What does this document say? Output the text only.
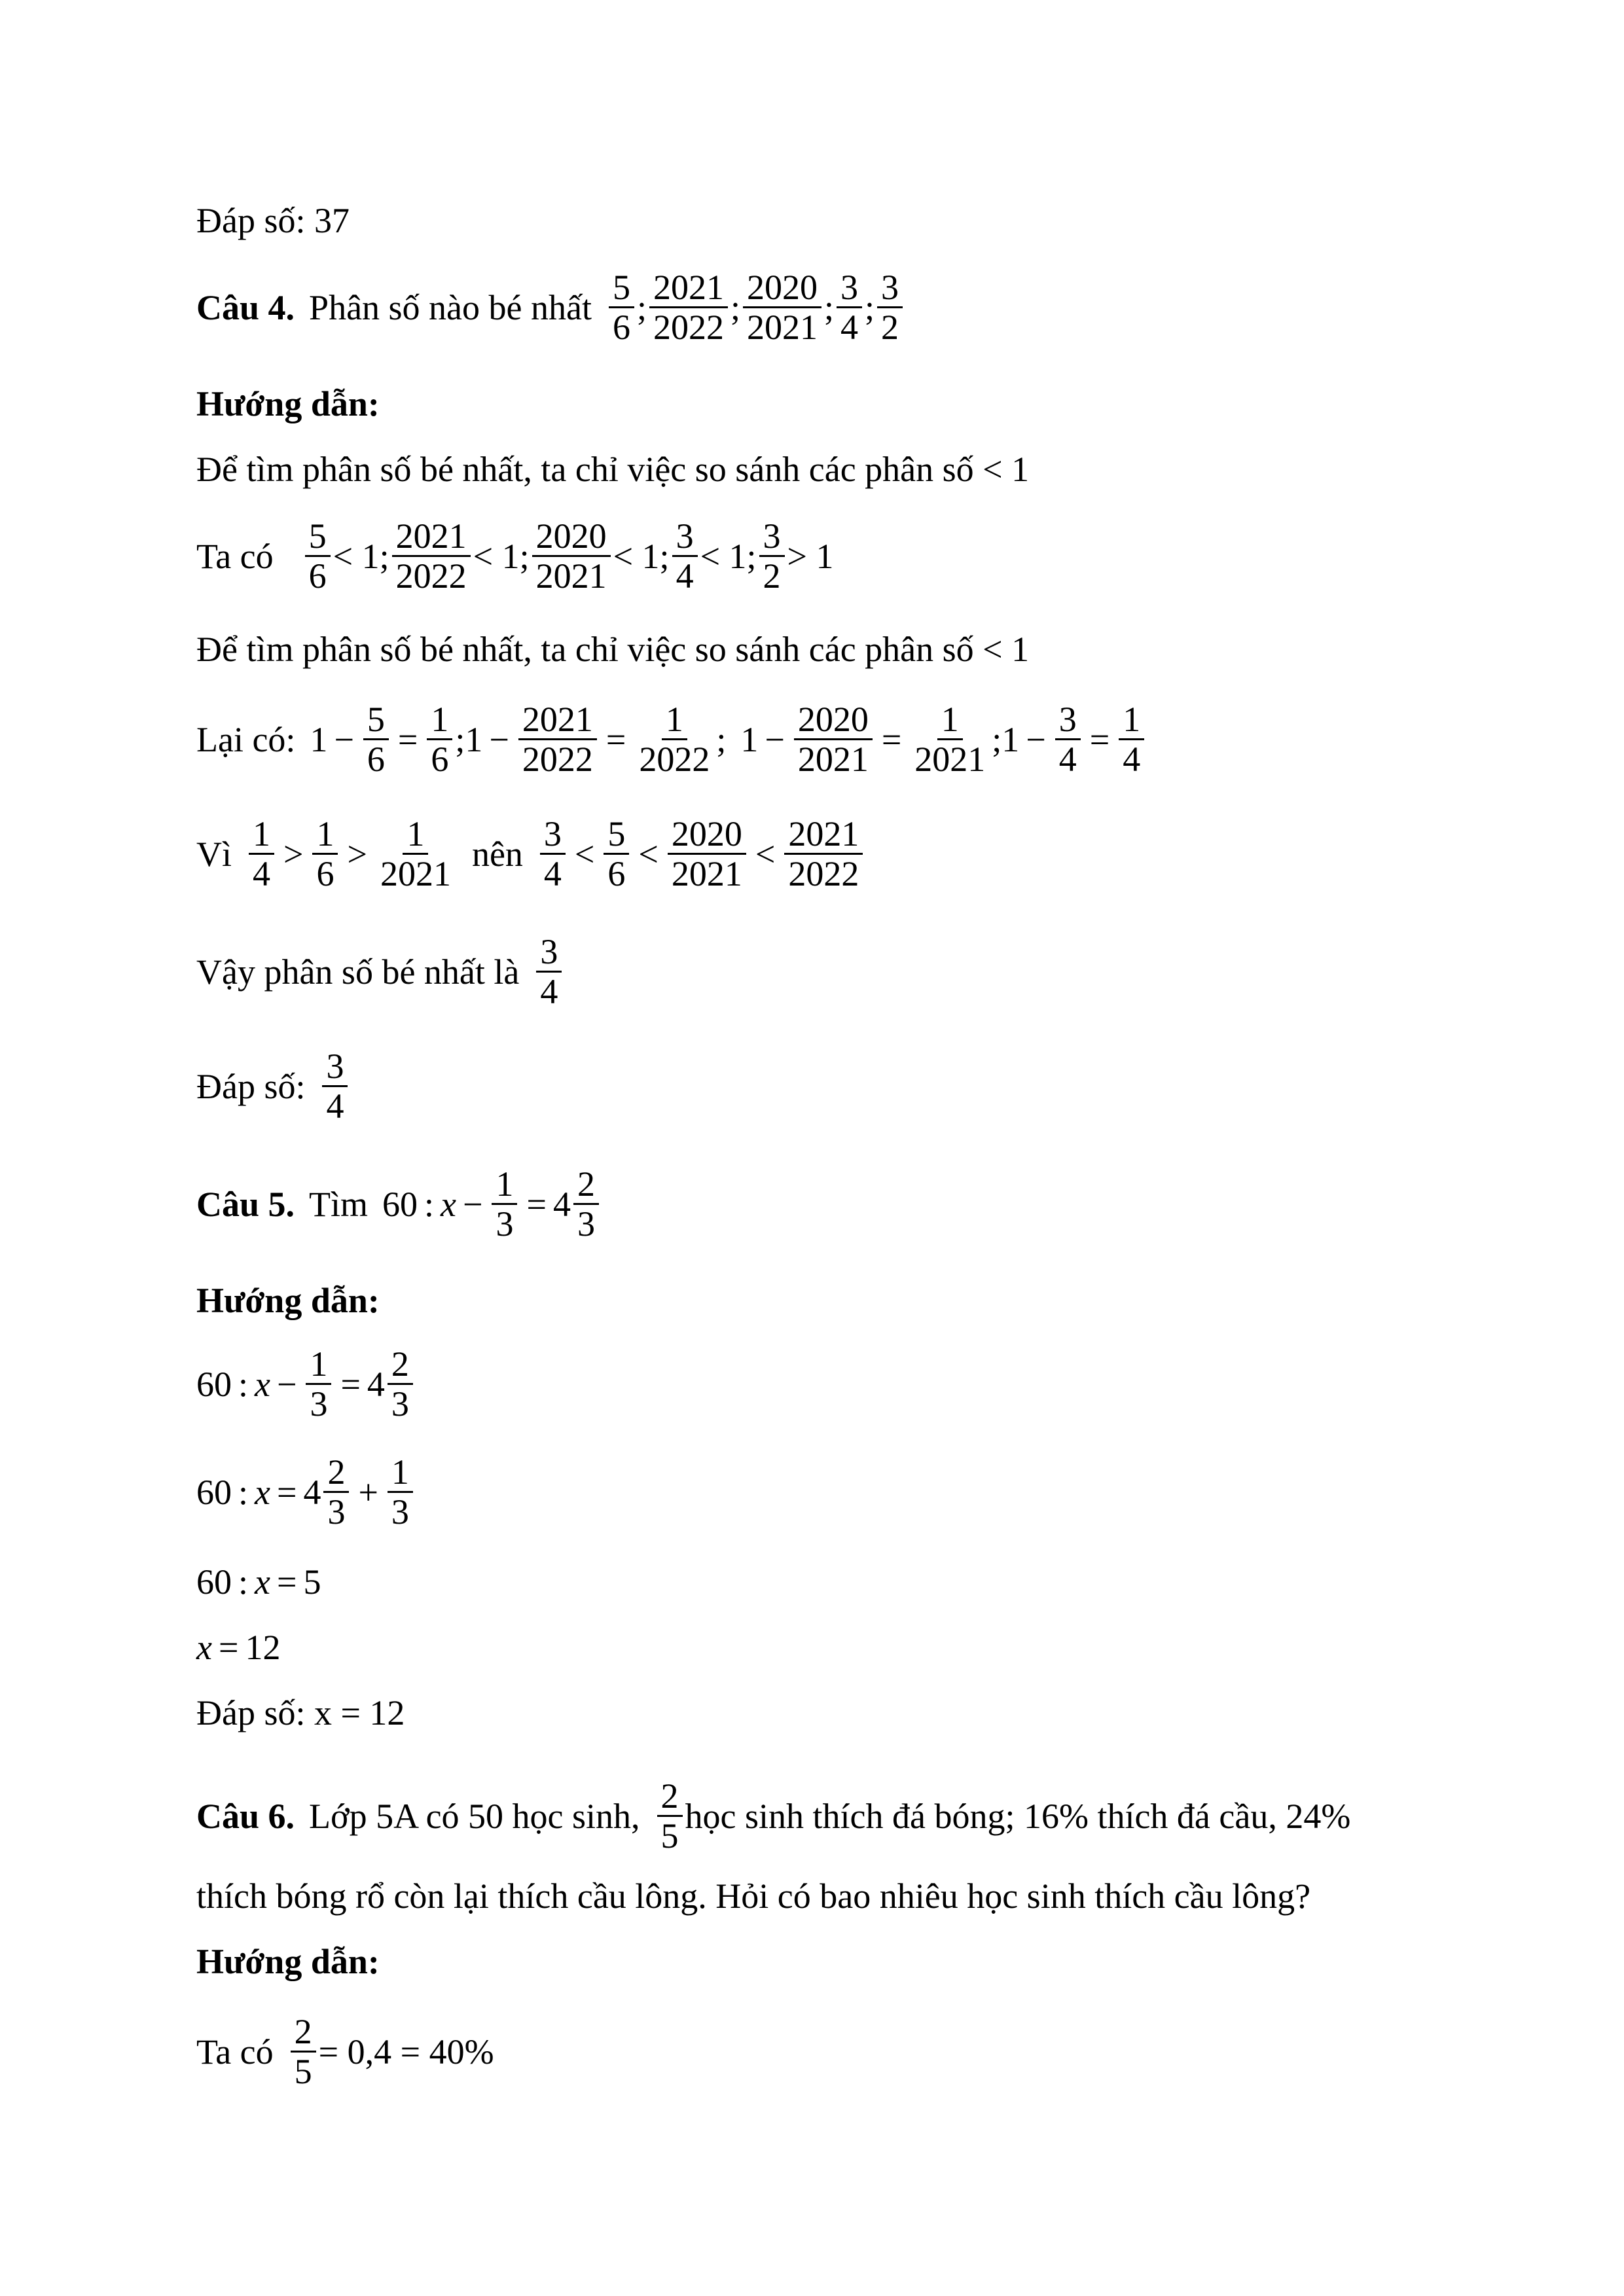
Đáp số: 37
Câu 4. Phân số nào bé nhất
5
6
;
2021
2022
;
2020
2021
;
3
4
;
3
2
Hướng dẫn:
Để tìm phân số bé nhất, ta chỉ việc so sánh các phân số < 1
Ta có
5
6
< 1;
2021
2022
< 1;
2020
2021
< 1;
3
4
< 1;
3
2
> 1
Để tìm phân số bé nhất, ta chỉ việc so sánh các phân số < 1
Lại có: $1 - \frac{5}{6} = \frac{1}{6}$ ; $1 - \frac{2021}{2022} = \frac{1}{2022}$ ; $1 - \frac{2020}{2021} = \frac{1}{2021}$ ; $1 - \frac{3}{4} = \frac{1}{4}$
Vì
1
4
>
1
6
>
1
2021
nên
3
4
<
5
6
<
2020
2021
<
2021
2022
Vậy phân số bé nhất là
3
4
Đáp số:
3
4
Câu 5. Tìm 60 : $x - \frac{1}{3} = 4$
2
3
Hướng dẫn:
60 : $x - \frac{1}{3} = 4$
2
3
60 : x = 4
2
3
+ $\frac{1}{3}$
60 : x = 5
x = 12
Đáp số: x = 12
Câu 6. Lớp 5A có 50 học sinh,
2
5
học sinh thích đá bóng; 16% thích đá cầu, 24%
thích bóng rổ còn lại thích cầu lông. Hỏi có bao nhiêu học sinh thích cầu lông?
Hướng dẫn:
Ta có $\frac{2}{5} = 0,4 = 40\%$
